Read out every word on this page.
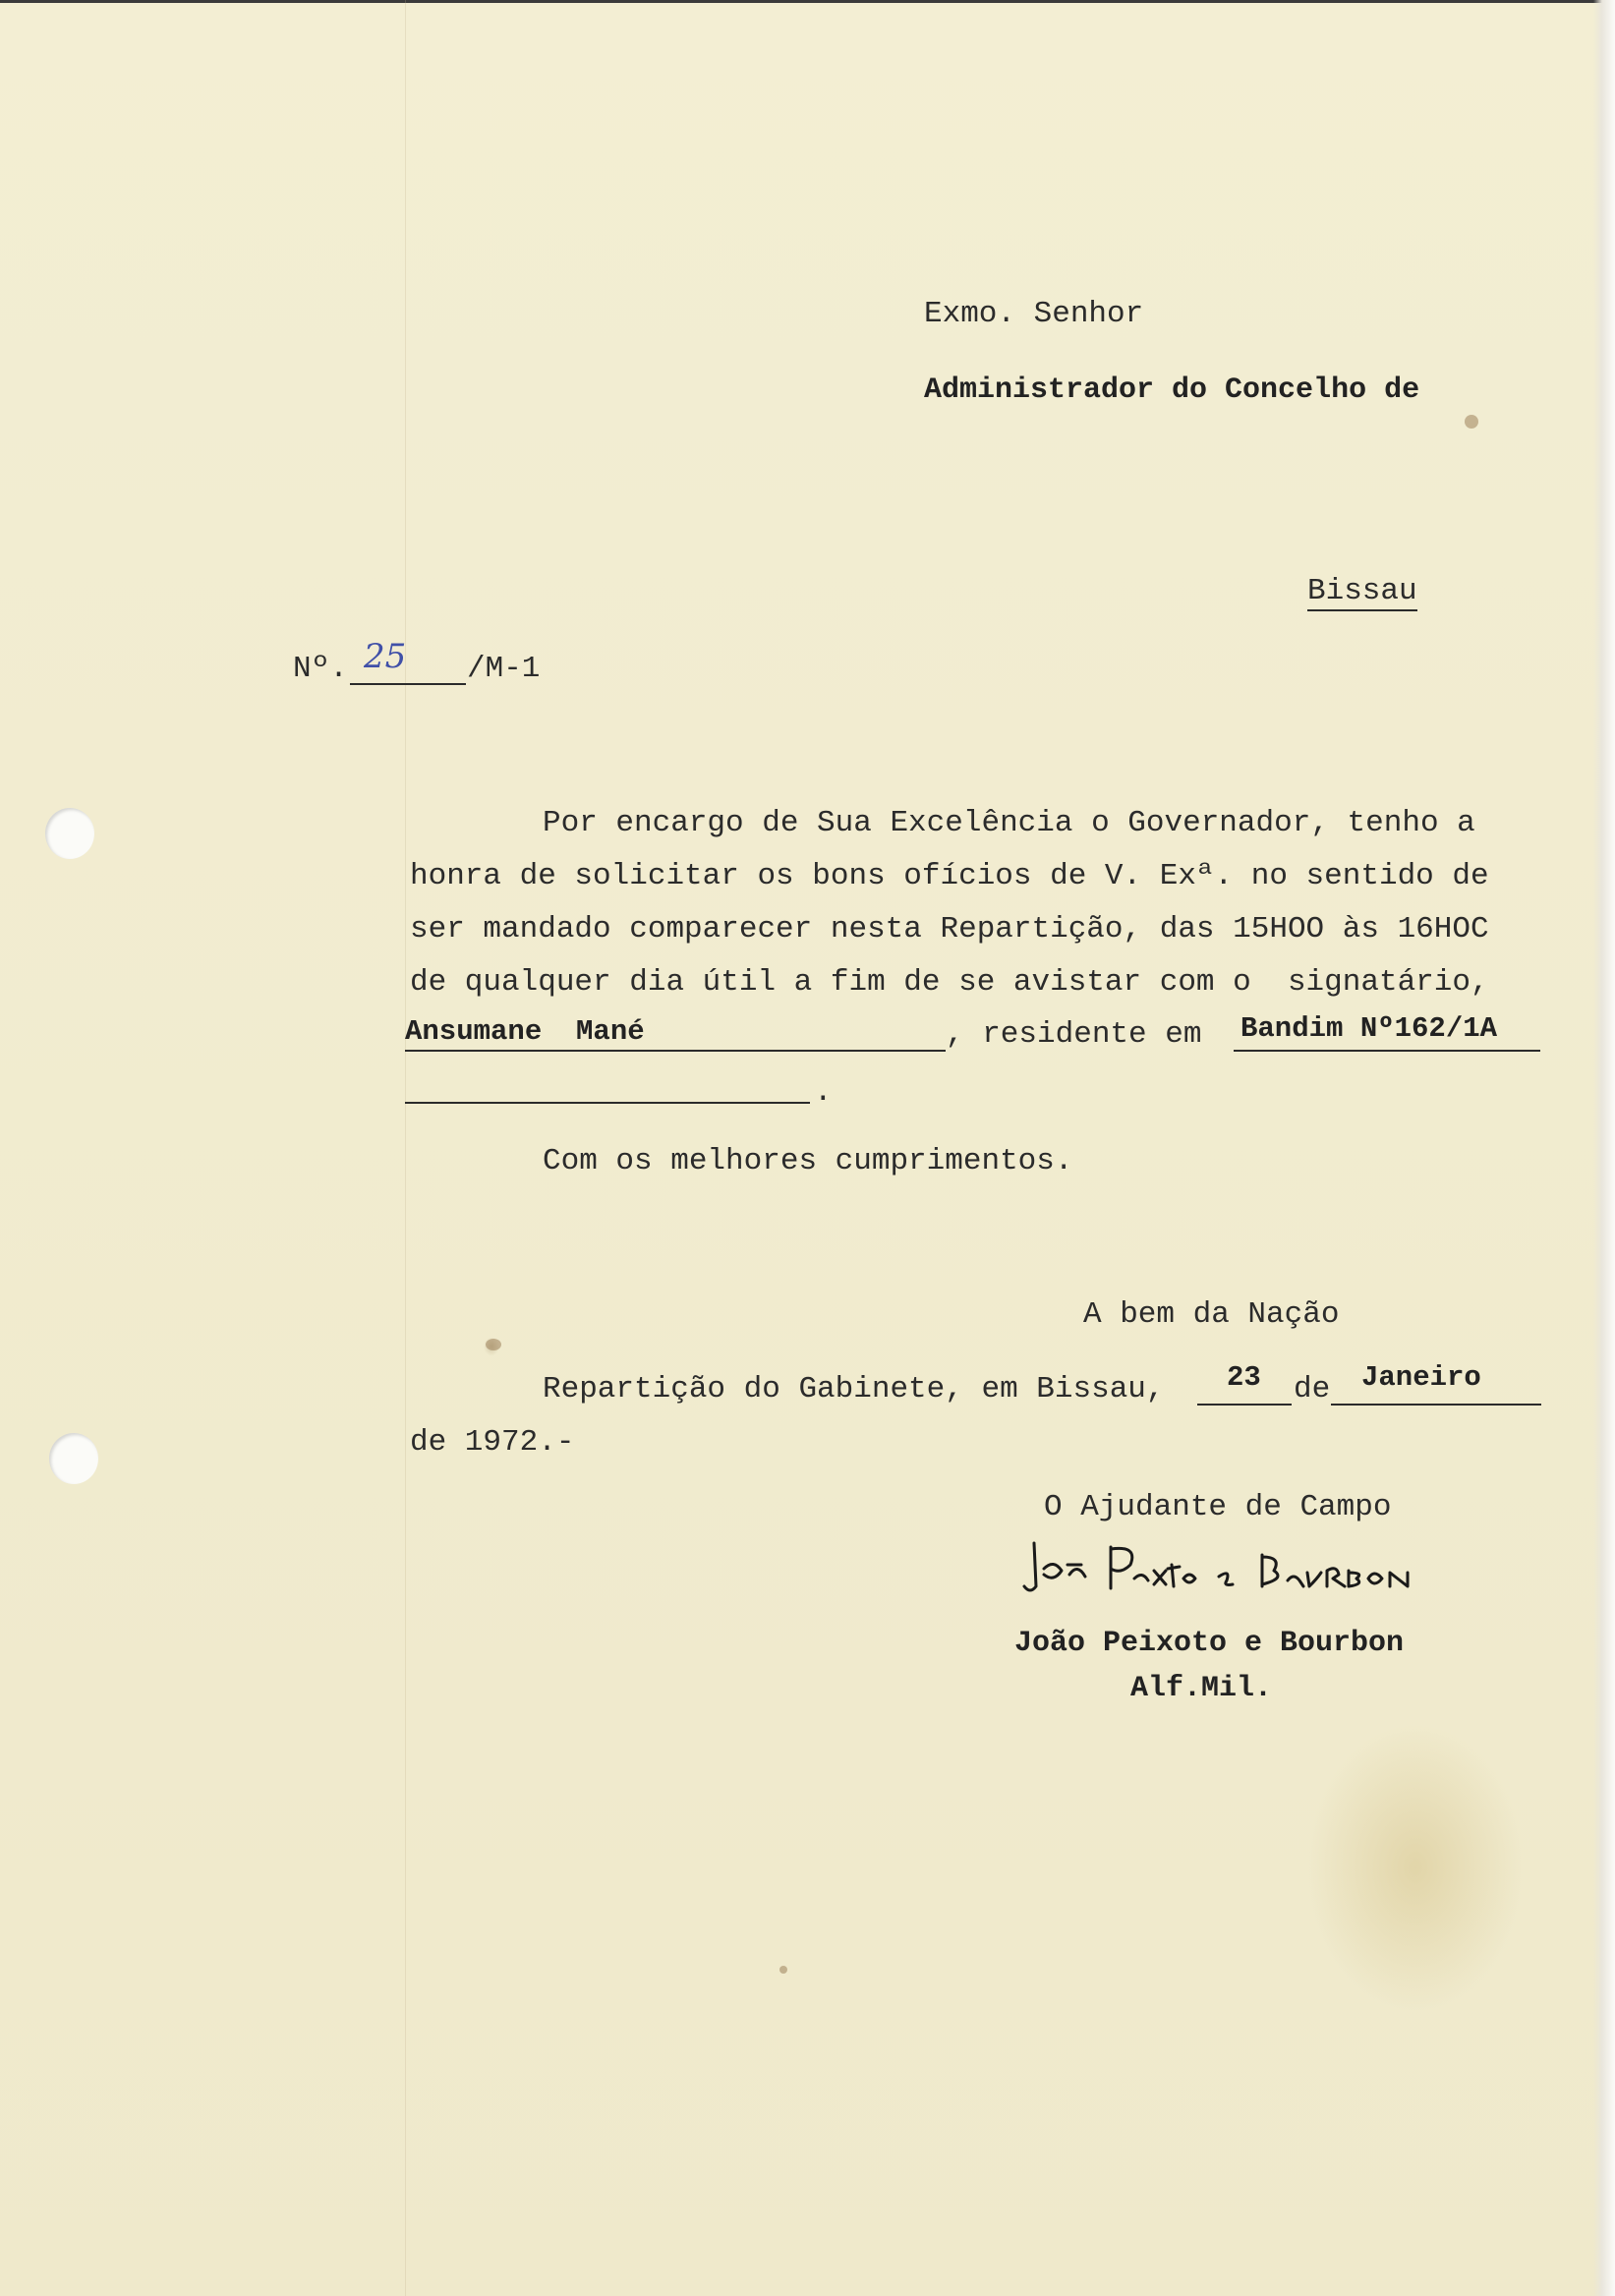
Exmo. Senhor
Administrador do Concelho de
Bissau
Nº. 25 /M-1
Por encargo de Sua Excelência o Governador, tenho a
honra de solicitar os bons ofícios de V. Exª. no sentido de
ser mandado comparecer nesta Repartição, das 15HOO às 16HOC
de qualquer dia útil a fim de se avistar com o  signatário,
Ansumane  Mané	, residente em Bandim Nº162/1A
.
Com os melhores cumprimentos.
A bem da Nação
Repartição do Gabinete, em Bissau, 23 de Janeiro
de 1972.-
O Ajudante de Campo
João Peixoto e Bourbon
Alf.Mil.
